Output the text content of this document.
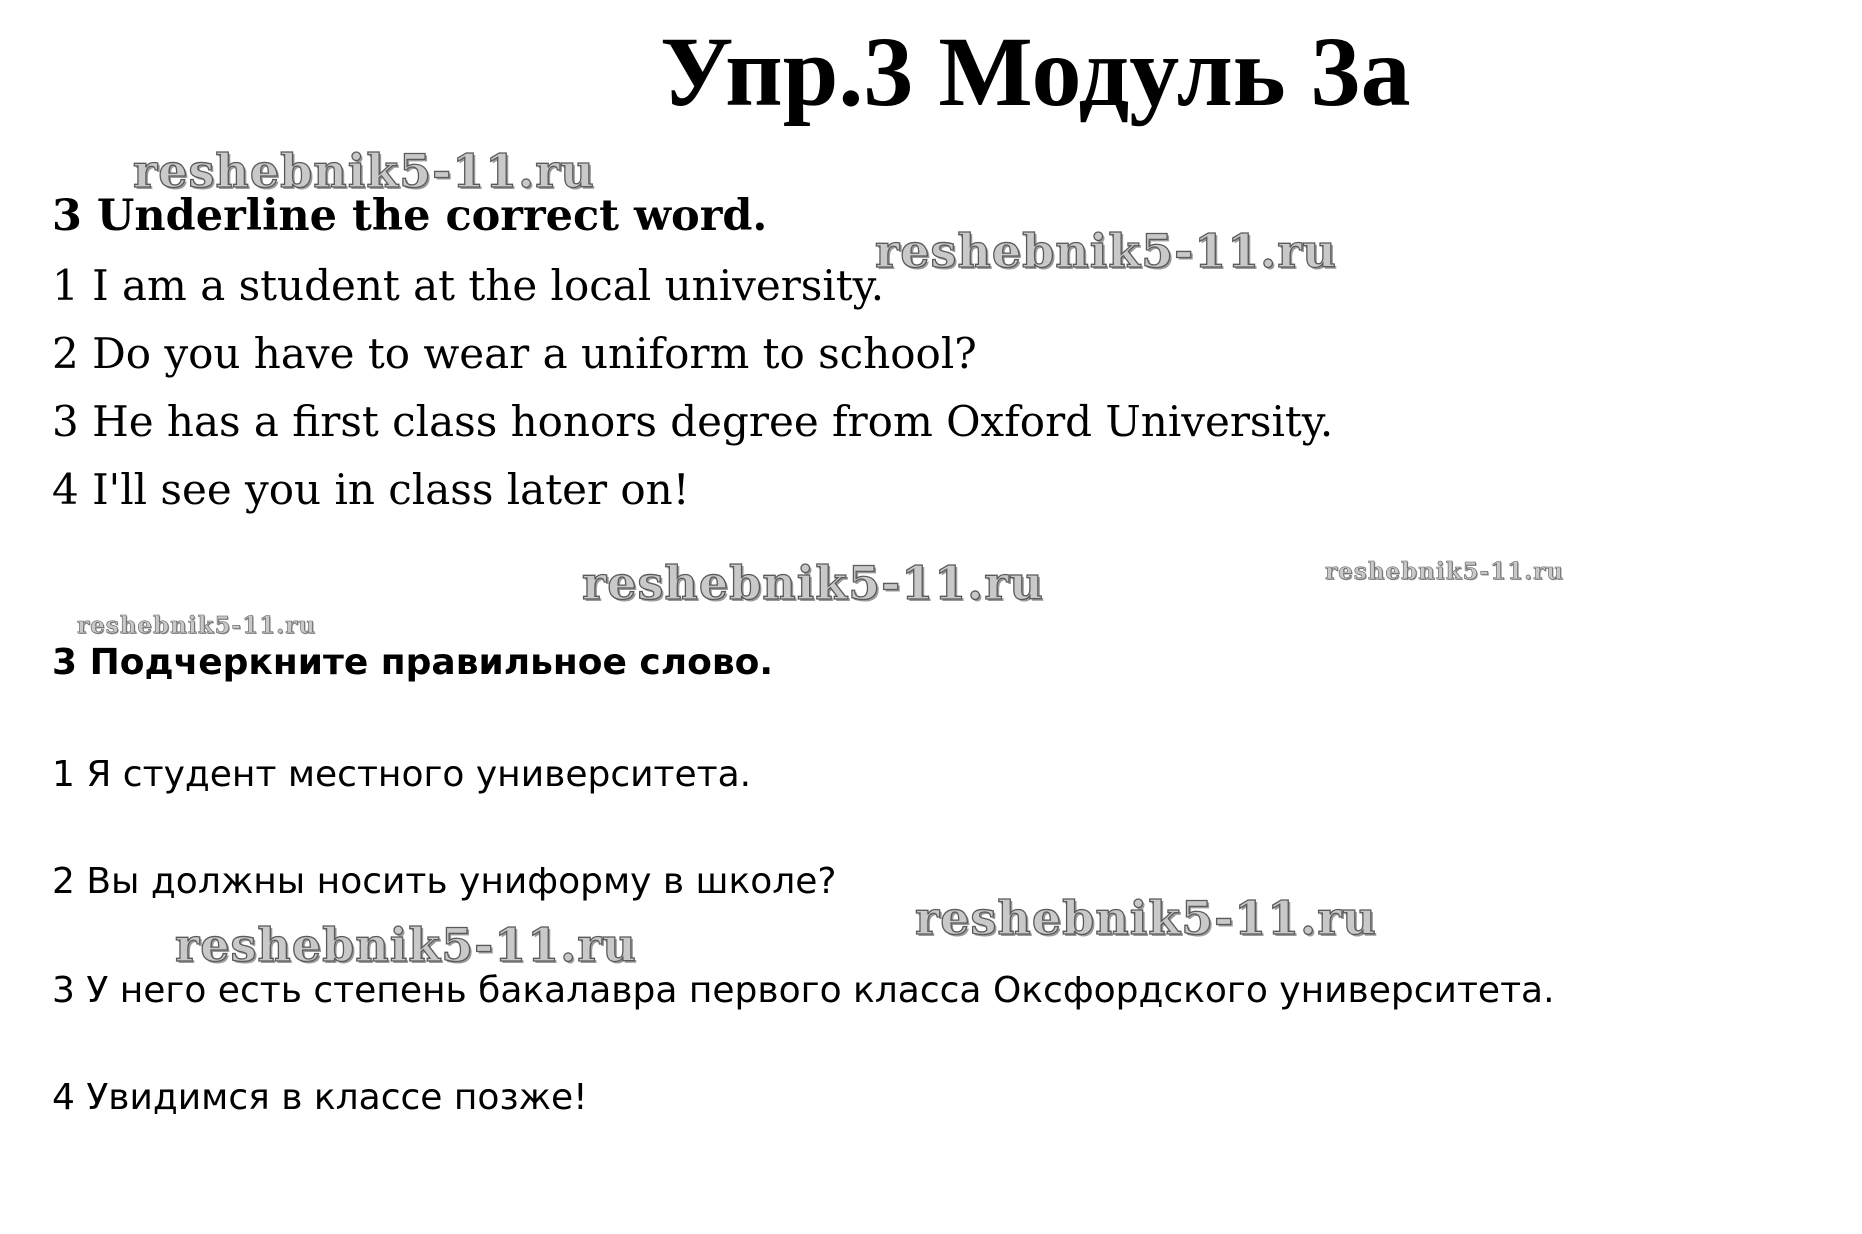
Упр.3 Модуль 3а
reshebnik5-11.ru
3 Underline the correct word.
reshebnik5-11.ru
1 I am a student at the local university.
2 Do you have to wear a uniform to school?
3 He has a first class honors degree from Oxford University.
4 I'll see you in class later on!
reshebnik5-11.ru	reshebnik5-11.ru
reshebnik5-11.ru
3 Подчеркните правильное слово.
1 Я студент местного университета.
2 Вы должны носить униформу в школе?
reshebnik5-11.ru
reshebnik5-11.ru
3 У него есть степень бакалавра первого класса Оксфордского университета.
4 Увидимся в классе позже!
